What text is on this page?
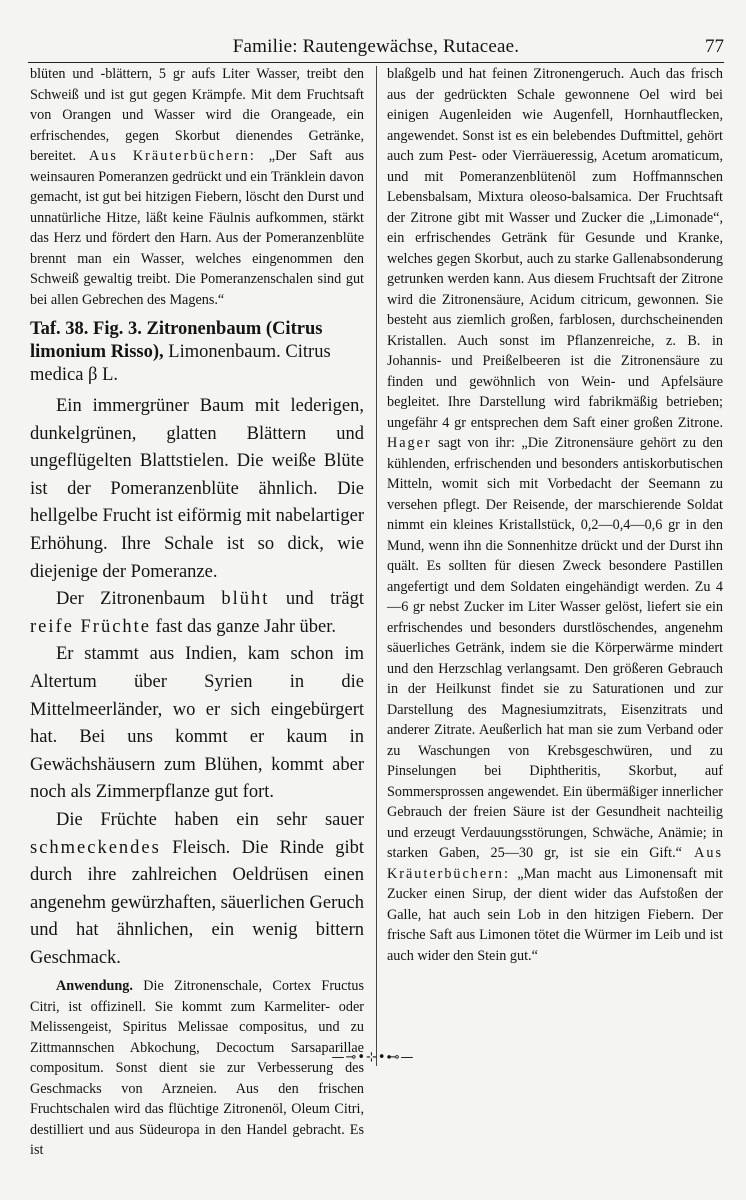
Familie: Rautengewächse, Rutaceae.	77

blüten und -blättern, 5 gr aufs Liter Wasser, treibt den Schweiß und ist gut gegen Krämpfe. Mit dem Fruchtsaft von Orangen und Wasser wird die Orangeade, ein erfrischendes, gegen Skorbut dienendes Getränke, bereitet. Aus Kräuterbüchern: „Der Saft aus weinsauren Pomeranzen gedrückt und ein Tränklein davon gemacht, ist gut bei hitzigen Fiebern, löscht den Durst und unnatürliche Hitze, läßt keine Fäulnis aufkommen, stärkt das Herz und fördert den Harn. Aus der Pomeranzenblüte brennt man ein Wasser, welches eingenommen den Schweiß gewaltig treibt. Die Pomeranzenschalen sind gut bei allen Gebrechen des Magens.“

Taf. 38. Fig. 3. Zitronenbaum (Citrus limonium Risso), Limonenbaum. Citrus medica β L.

Ein immergrüner Baum mit lederigen, dunkelgrünen, glatten Blättern und ungeflügelten Blattstielen. Die weiße Blüte ist der Pomeranzenblüte ähnlich. Die hellgelbe Frucht ist eiförmig mit nabelartiger Erhöhung. Ihre Schale ist so dick, wie diejenige der Pomeranze.

Der Zitronenbaum blüht und trägt reife Früchte fast das ganze Jahr über.

Er stammt aus Indien, kam schon im Altertum über Syrien in die Mittelmeerländer, wo er sich eingebürgert hat. Bei uns kommt er kaum in Gewächshäusern zum Blühen, kommt aber noch als Zimmerpflanze gut fort.

Die Früchte haben ein sehr sauer schmeckendes Fleisch. Die Rinde gibt durch ihre zahlreichen Oeldrüsen einen angenehm gewürzhaften, säuerlichen Geruch und hat ähnlichen, ein wenig bittern Geschmack.

Anwendung. Die Zitronenschale, Cortex Fructus Citri, ist offizinell. Sie kommt zum Karmeliter- oder Melissengeist, Spiritus Melissae compositus, und zu Zittmannschen Abkochung, Decoctum Sarsaparillae compositum. Sonst dient sie zur Verbesserung des Geschmacks von Arzneien. Aus den frischen Fruchtschalen wird das flüchtige Zitronenöl, Oleum Citri, destilliert und aus Südeuropa in den Handel gebracht. Es ist

blaßgelb und hat feinen Zitronengeruch. Auch das frisch aus der gedrückten Schale gewonnene Oel wird bei einigen Augenleiden wie Augenfell, Hornhautflecken, angewendet. Sonst ist es ein belebendes Duftmittel, gehört auch zum Pest- oder Vierräueressig, Acetum aromaticum, und mit Pomeranzenblütenöl zum Hoffmannschen Lebensbalsam, Mixtura oleoso-balsamica. Der Fruchtsaft der Zitrone gibt mit Wasser und Zucker die „Limonade“, ein erfrischendes Getränk für Gesunde und Kranke, welches gegen Skorbut, auch zu starke Gallenabsonderung getrunken werden kann. Aus diesem Fruchtsaft der Zitrone wird die Zitronensäure, Acidum citricum, gewonnen. Sie besteht aus ziemlich großen, farblosen, durchscheinenden Kristallen. Auch sonst im Pflanzenreiche, z. B. in Johannis- und Preißelbeeren ist die Zitronensäure zu finden und gewöhnlich von Wein- und Apfelsäure begleitet. Ihre Darstellung wird fabrikmäßig betrieben; ungefähr 4 gr entsprechen dem Saft einer großen Zitrone. Hager sagt von ihr: „Die Zitronensäure gehört zu den kühlenden, erfrischenden und besonders antiskorbutischen Mitteln, womit sich mit Vorbedacht der Seemann zu versehen pflegt. Der Reisende, der marschierende Soldat nimmt ein kleines Kristallstück, 0,2—0,4—0,6 gr in den Mund, wenn ihn die Sonnenhitze drückt und der Durst ihn quält. Es sollten für diesen Zweck besondere Pastillen angefertigt und dem Soldaten eingehändigt werden. Zu 4—6 gr nebst Zucker im Liter Wasser gelöst, liefert sie ein erfrischendes und besonders durstlöschendes, angenehm säuerliches Getränk, indem sie die Körperwärme mindert und den Herzschlag verlangsamt. Den größeren Gebrauch in der Heilkunst findet sie zu Saturationen und zur Darstellung des Magnesiumzitrats, Eisenzitrats und anderer Zitrate. Aeußerlich hat man sie zum Verband oder zu Waschungen von Krebsgeschwüren, und zu Pinselungen bei Diphtheritis, Skorbut, auf Sommersprossen angewendet. Ein übermäßiger innerlicher Gebrauch der freien Säure ist der Gesundheit nachteilig und erzeugt Verdauungsstörungen, Schwäche, Anämie; in starken Gaben, 25—30 gr, ist sie ein Gift.“ Aus Kräuterbüchern: „Man macht aus Limonensaft mit Zucker einen Sirup, der dient wider das Aufstoßen der Galle, hat auch sein Lob in den hitzigen Fiebern. Der frische Saft aus Limonen tötet die Würmer im Leib und ist auch wider den Stein gut.“

—⊸•⊹•⊷—
